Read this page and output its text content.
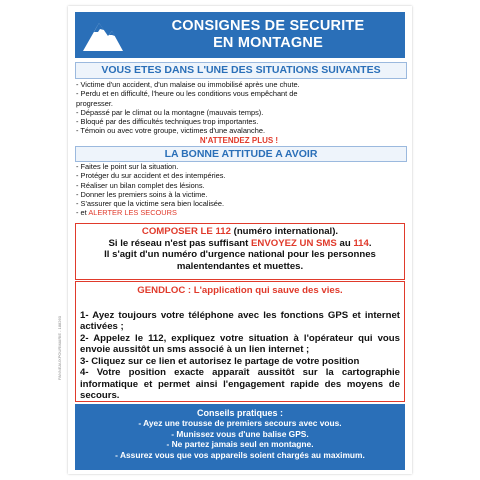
PANNEAUXPOURMAIRIE - 188260
CONSIGNES DE SECURITE
EN MONTAGNE
VOUS ETES DANS L'UNE DES SITUATIONS SUIVANTES
- Victime d'un accident, d'un malaise ou immobilisé après une chute.
- Perdu et en difficulté, l'heure ou les conditions vous empêchant de
progresser.
- Dépassé par le climat ou la montagne (mauvais temps).
- Bloqué par des difficultés techniques trop importantes.
- Témoin ou avec votre groupe, victimes d'une avalanche.
N'ATTENDEZ PLUS !
LA BONNE ATTITUDE A AVOIR
- Faites le point sur la situation.
- Protéger du sur accident et des intempéries.
- Réaliser un bilan complet des lésions.
- Donner les premiers soins à la victime.
- S'assurer que la victime sera bien localisée.
- et ALERTER LES SECOURS
COMPOSER LE 112 (numéro international).
Si le réseau n'est pas suffisant ENVOYEZ UN SMS au 114.
Il s'agit d'un numéro d'urgence national pour les personnes
malentendantes et muettes.
GENDLOC : L'application qui sauve des vies.
1- Ayez toujours votre téléphone avec les fonctions GPS et internet activées ;
2- Appelez le 112, expliquez votre situation à l'opérateur qui vous envoie aussitôt un sms associé à un lien internet ;
3- Cliquez sur ce lien et autorisez le partage de votre position
4- Votre position exacte apparaît aussitôt sur la cartographie informatique et permet ainsi l'engagement rapide des moyens de secours.
Conseils pratiques :
- Ayez une trousse de premiers secours avec vous.
- Munissez vous d'une balise GPS.
- Ne partez jamais seul en montagne.
- Assurez vous que vos appareils soient chargés au maximum.
